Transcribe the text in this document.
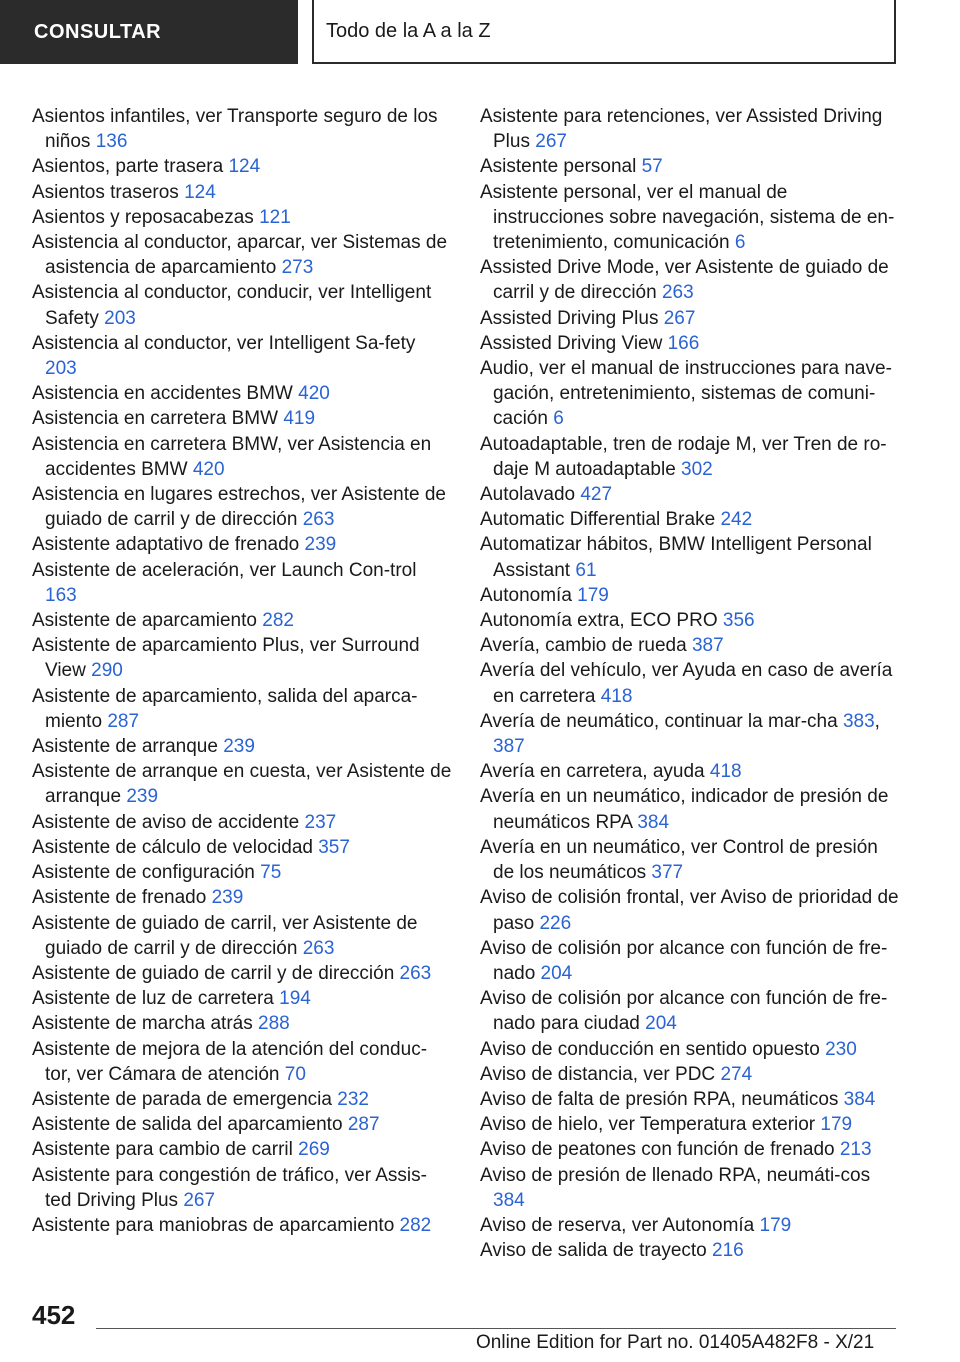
CONSULTAR	Todo de la A a la Z
Asientos infantiles, ver Transporte seguro de los niños 136
Asientos, parte trasera 124
Asientos traseros 124
Asientos y reposacabezas 121
Asistencia al conductor, aparcar, ver Sistemas de asistencia de aparcamiento 273
Asistencia al conductor, conducir, ver Intelligent Safety 203
Asistencia al conductor, ver Intelligent Sa‐fety 203
Asistencia en accidentes BMW 420
Asistencia en carretera BMW 419
Asistencia en carretera BMW, ver Asistencia en accidentes BMW 420
Asistencia en lugares estrechos, ver Asistente de guiado de carril y de dirección 263
Asistente adaptativo de frenado 239
Asistente de aceleración, ver Launch Con‐trol 163
Asistente de aparcamiento 282
Asistente de aparcamiento Plus, ver Surround View 290
Asistente de aparcamiento, salida del aparca‐miento 287
Asistente de arranque 239
Asistente de arranque en cuesta, ver Asistente de arranque 239
Asistente de aviso de accidente 237
Asistente de cálculo de velocidad 357
Asistente de configuración 75
Asistente de frenado 239
Asistente de guiado de carril, ver Asistente de guiado de carril y de dirección 263
Asistente de guiado de carril y de dirección 263
Asistente de luz de carretera 194
Asistente de marcha atrás 288
Asistente de mejora de la atención del conduc‐tor, ver Cámara de atención 70
Asistente de parada de emergencia 232
Asistente de salida del aparcamiento 287
Asistente para cambio de carril 269
Asistente para congestión de tráfico, ver Assis‐ted Driving Plus 267
Asistente para maniobras de aparcamiento 282
Asistente para retenciones, ver Assisted Driving Plus 267
Asistente personal 57
Asistente personal, ver el manual de instrucciones sobre navegación, sistema de en‐tretenimiento, comunicación 6
Assisted Drive Mode, ver Asistente de guiado de carril y de dirección 263
Assisted Driving Plus 267
Assisted Driving View 166
Audio, ver el manual de instrucciones para nave‐gación, entretenimiento, sistemas de comuni‐cación 6
Autoadaptable, tren de rodaje M, ver Tren de ro‐daje M autoadaptable 302
Autolavado 427
Automatic Differential Brake 242
Automatizar hábitos, BMW Intelligent Personal Assistant 61
Autonomía 179
Autonomía extra, ECO PRO 356
Avería, cambio de rueda 387
Avería del vehículo, ver Ayuda en caso de avería en carretera 418
Avería de neumático, continuar la mar‐cha 383, 387
Avería en carretera, ayuda 418
Avería en un neumático, indicador de presión de neumáticos RPA 384
Avería en un neumático, ver Control de presión de los neumáticos 377
Aviso de colisión frontal, ver Aviso de prioridad de paso 226
Aviso de colisión por alcance con función de fre‐nado 204
Aviso de colisión por alcance con función de fre‐nado para ciudad 204
Aviso de conducción en sentido opuesto 230
Aviso de distancia, ver PDC 274
Aviso de falta de presión RPA, neumáticos 384
Aviso de hielo, ver Temperatura exterior 179
Aviso de peatones con función de frenado 213
Aviso de presión de llenado RPA, neumáti‐cos 384
Aviso de reserva, ver Autonomía 179
Aviso de salida de trayecto 216
452
Online Edition for Part no. 01405A482F8 - X/21
